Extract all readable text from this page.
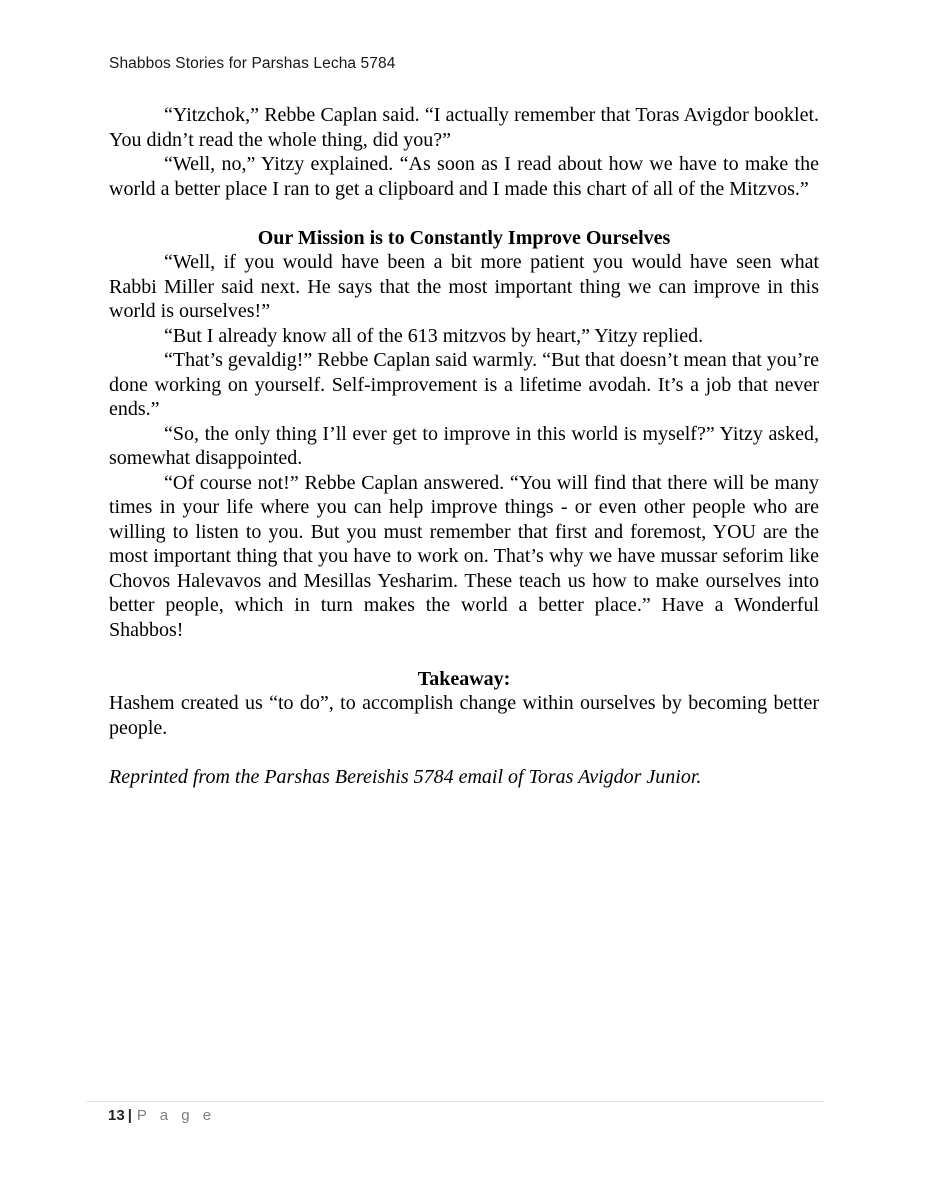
Shabbos Stories for Parshas Lecha 5784

“Yitzchok,” Rebbe Caplan said. “I actually remember that Toras Avigdor booklet. You didn’t read the whole thing, did you?”

“Well, no,” Yitzy explained. “As soon as I read about how we have to make the world a better place I ran to get a clipboard and I made this chart of all of the Mitzvos.”

Our Mission is to Constantly Improve Ourselves

“Well, if you would have been a bit more patient you would have seen what Rabbi Miller said next. He says that the most important thing we can improve in this world is ourselves!”

“But I already know all of the 613 mitzvos by heart,” Yitzy replied.

“That’s gevaldig!” Rebbe Caplan said warmly. “But that doesn’t mean that you’re done working on yourself. Self-improvement is a lifetime avodah. It’s a job that never ends.”

“So, the only thing I’ll ever get to improve in this world is myself?” Yitzy asked, somewhat disappointed.

“Of course not!” Rebbe Caplan answered. “You will find that there will be many times in your life where you can help improve things - or even other people who are willing to listen to you. But you must remember that first and foremost, YOU are the most important thing that you have to work on. That’s why we have mussar seforim like Chovos Halevavos and Mesillas Yesharim. These teach us how to make ourselves into better people, which in turn makes the world a better place.” Have a Wonderful Shabbos!

Takeaway:

Hashem created us “to do”, to accomplish change within ourselves by becoming better people.

Reprinted from the Parshas Bereishis 5784 email of Toras Avigdor Junior.

13 | P a g e
